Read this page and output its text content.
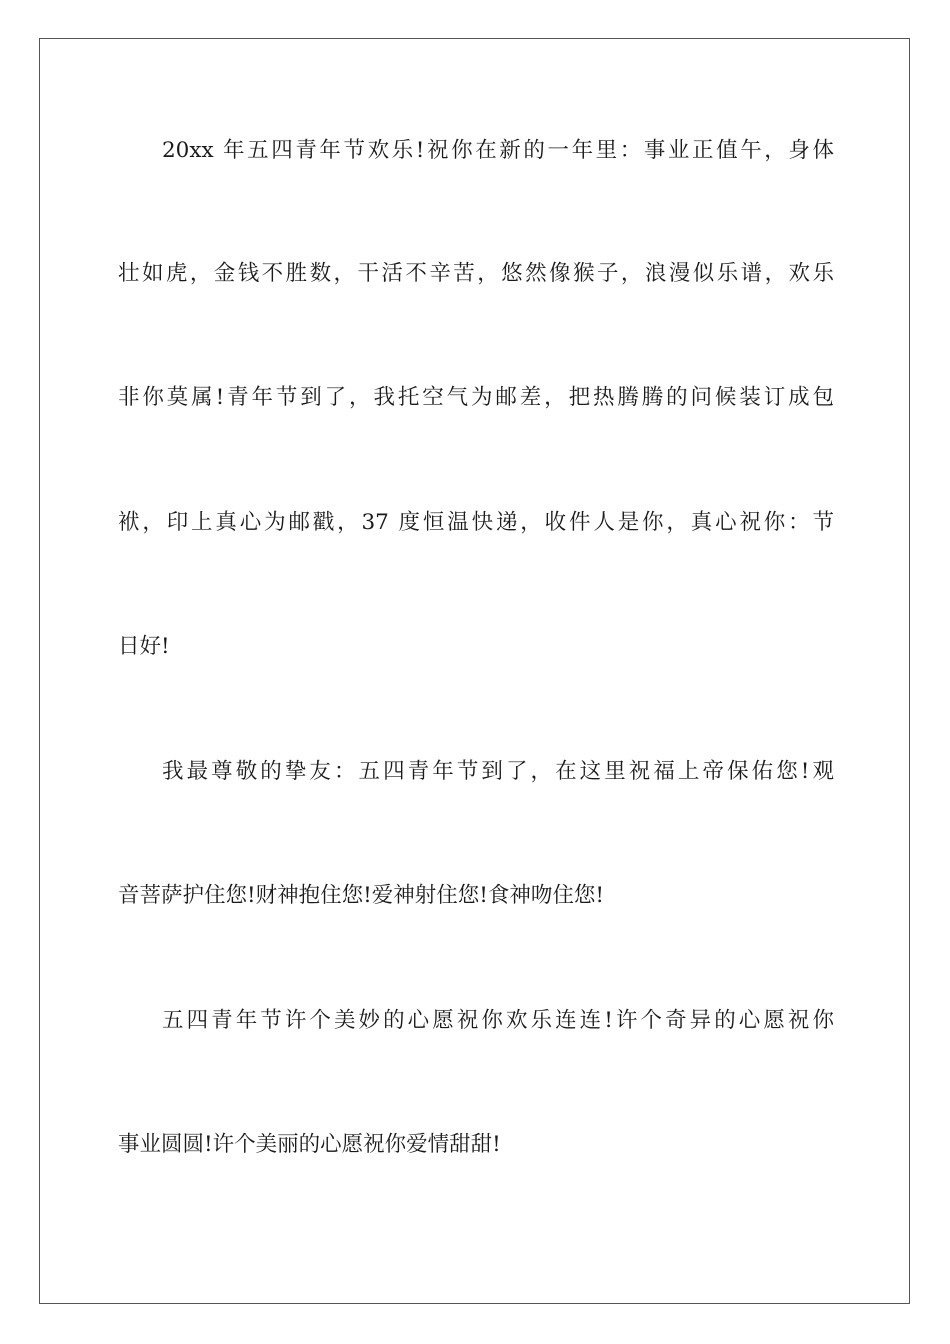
20xx 年五四青年节欢乐!祝你在新的一年里：事业正值午，身体
壮如虎，金钱不胜数，干活不辛苦，悠然像猴子，浪漫似乐谱，欢乐
非你莫属!青年节到了，我托空气为邮差，把热腾腾的问候装订成包
袱，印上真心为邮戳，37 度恒温快递，收件人是你，真心祝你：节
日好!
我最尊敬的挚友：五四青年节到了，在这里祝福上帝保佑您!观
音菩萨护住您!财神抱住您!爱神射住您!食神吻住您!
五四青年节许个美妙的心愿祝你欢乐连连!许个奇异的心愿祝你
事业圆圆!许个美丽的心愿祝你爱情甜甜!
